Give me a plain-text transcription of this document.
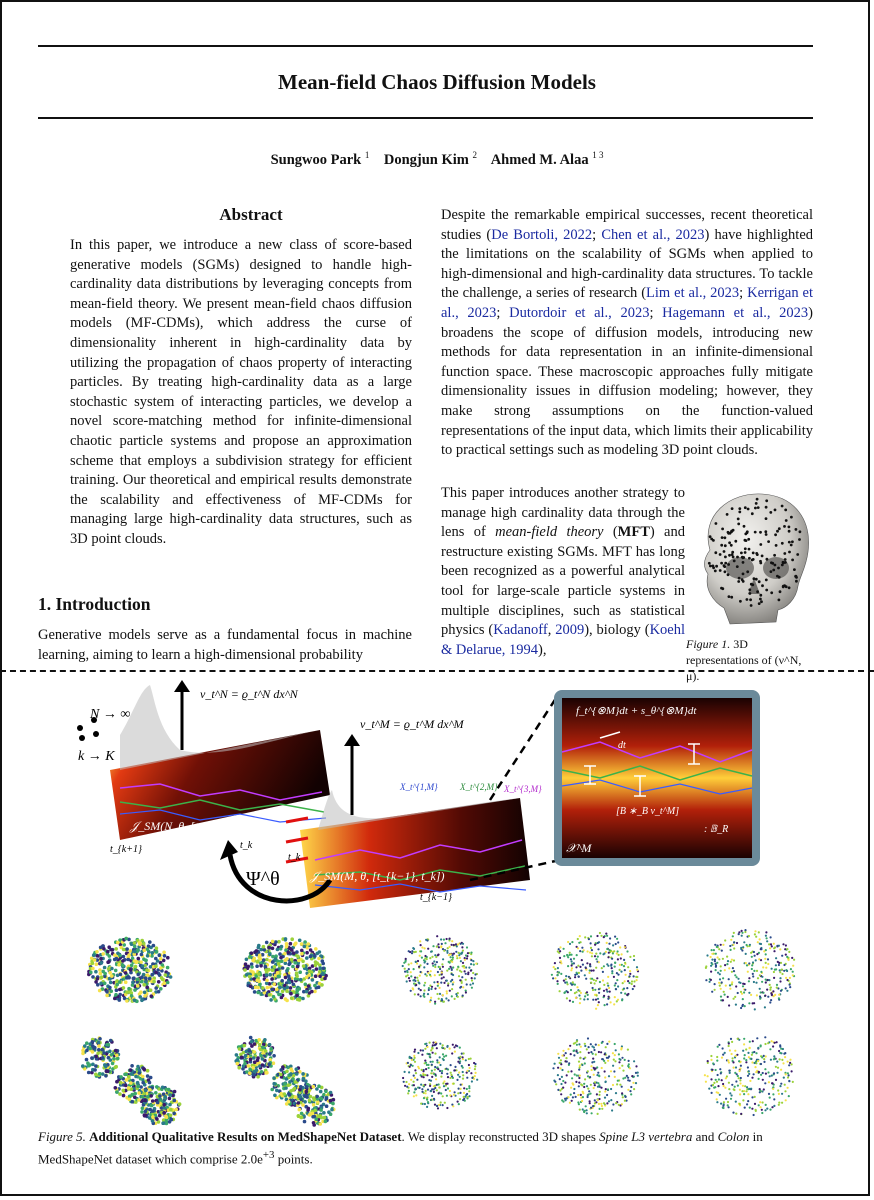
Mean-field Chaos Diffusion Models
Sungwoo Park $^1$ Dongjun Kim $^2$ Ahmed M. Alaa $^{1 3}$
Abstract
In this paper, we introduce a new class of score-based generative models (SGMs) designed to handle high-cardinality data distributions by leveraging concepts from mean-field theory. We present mean-field chaos diffusion models (MF-CDMs), which address the curse of dimensionality inherent in high-cardinality data by utilizing the propagation of chaos property of interacting particles. By treating high-cardinality data as a large stochastic system of interacting particles, we develop a novel score-matching method for infinite-dimensional chaotic particle systems and propose an approximation scheme that employs a subdivision strategy for efficient training. Our theoretical and empirical results demonstrate the scalability and effectiveness of MF-CDMs for managing large high-cardinality data structures, such as 3D point clouds.
1. Introduction
Generative models serve as a fundamental focus in machine learning, aiming to learn a high-dimensional probability
Despite the remarkable empirical successes, recent theoretical studies (De Bortoli, 2022; Chen et al., 2023) have highlighted the limitations on the scalability of SGMs when applied to high-dimensional and high-cardinality data structures. To tackle the challenge, a series of research (Lim et al., 2023; Kerrigan et al., 2023; Dutordoir et al., 2023; Hagemann et al., 2023) broadens the scope of diffusion models, introducing new methods for data representation in an infinite-dimensional function space. These macroscopic approaches fully mitigate dimensionality issues in diffusion modeling; however, they make strong assumptions on the function-valued representations of the input data, which limits their applicability to practical settings such as modeling 3D point clouds.
This paper introduces another strategy to manage high cardinality data through the lens of mean-field theory (MFT) and restructure existing SGMs. MFT has long been recognized as a powerful analytical tool for large-scale particle systems in multiple disciplines, such as statistical physics (Kadanoff, 2009), biology (Koehl & Delarue, 1994),	Figure 1. 3D representations of (ν^N, μ).
ν_t^N = ϱ_t^N dx^N
ν_t^M = ϱ_t^M dx^M
N → ∞
k → K
t_{k+1}	t_k
t_k
t_{k−1}
𝒥_SM(N, θ, [t_k, t_{k+1}])
𝒥_SM(M, θ, [t_{k−1}, t_k])
Ψ^θ
X_t^{1,M} X_t^{2,M} X_t^{3,M}
f_t^{⊗M}dt + s_θ^{⊗M}dt
dt
[B ∗_B ν_t^M]
: 𝔹_R
𝒳^M
Figure 5. Additional Qualitative Results on MedShapeNet Dataset. We display reconstructed 3D shapes Spine L3 vertebra and Colon in MedShapeNet dataset which comprise $2.0e^{+3}$ points.
